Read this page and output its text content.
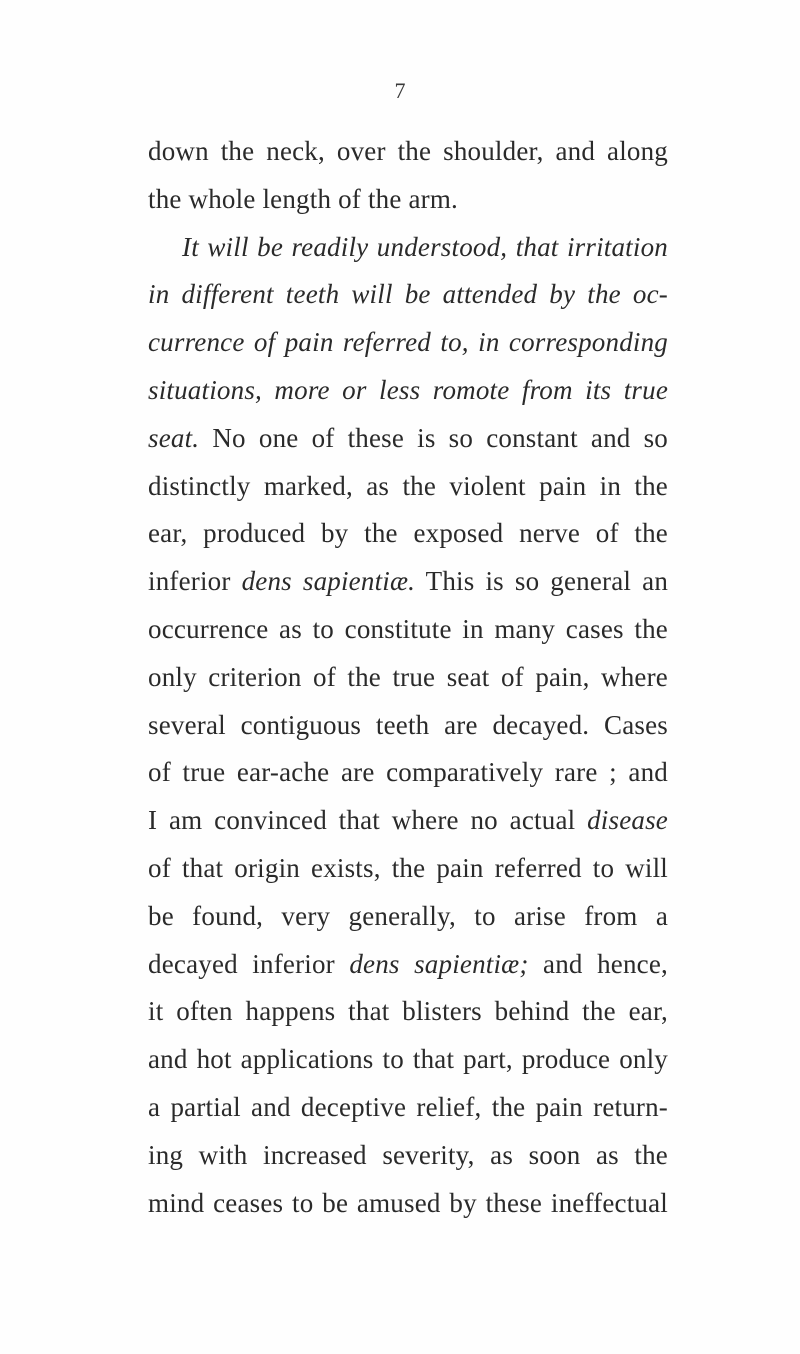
7
down the neck, over the shoulder, and along
the whole length of the arm.
It will be readily understood, that irritation
in different teeth will be attended by the oc-
currence of pain referred to, in corresponding
situations, more or less romote from its true
seat. No one of these is so constant and so
distinctly marked, as the violent pain in the
ear, produced by the exposed nerve of the
inferior dens sapientiæ. This is so general an
occurrence as to constitute in many cases the
only criterion of the true seat of pain, where
several contiguous teeth are decayed. Cases
of true ear-ache are comparatively rare ; and
I am convinced that where no actual disease
of that origin exists, the pain referred to will
be found, very generally, to arise from a
decayed inferior dens sapientiæ; and hence,
it often happens that blisters behind the ear,
and hot applications to that part, produce only
a partial and deceptive relief, the pain return-
ing with increased severity, as soon as the
mind ceases to be amused by these ineffectual
